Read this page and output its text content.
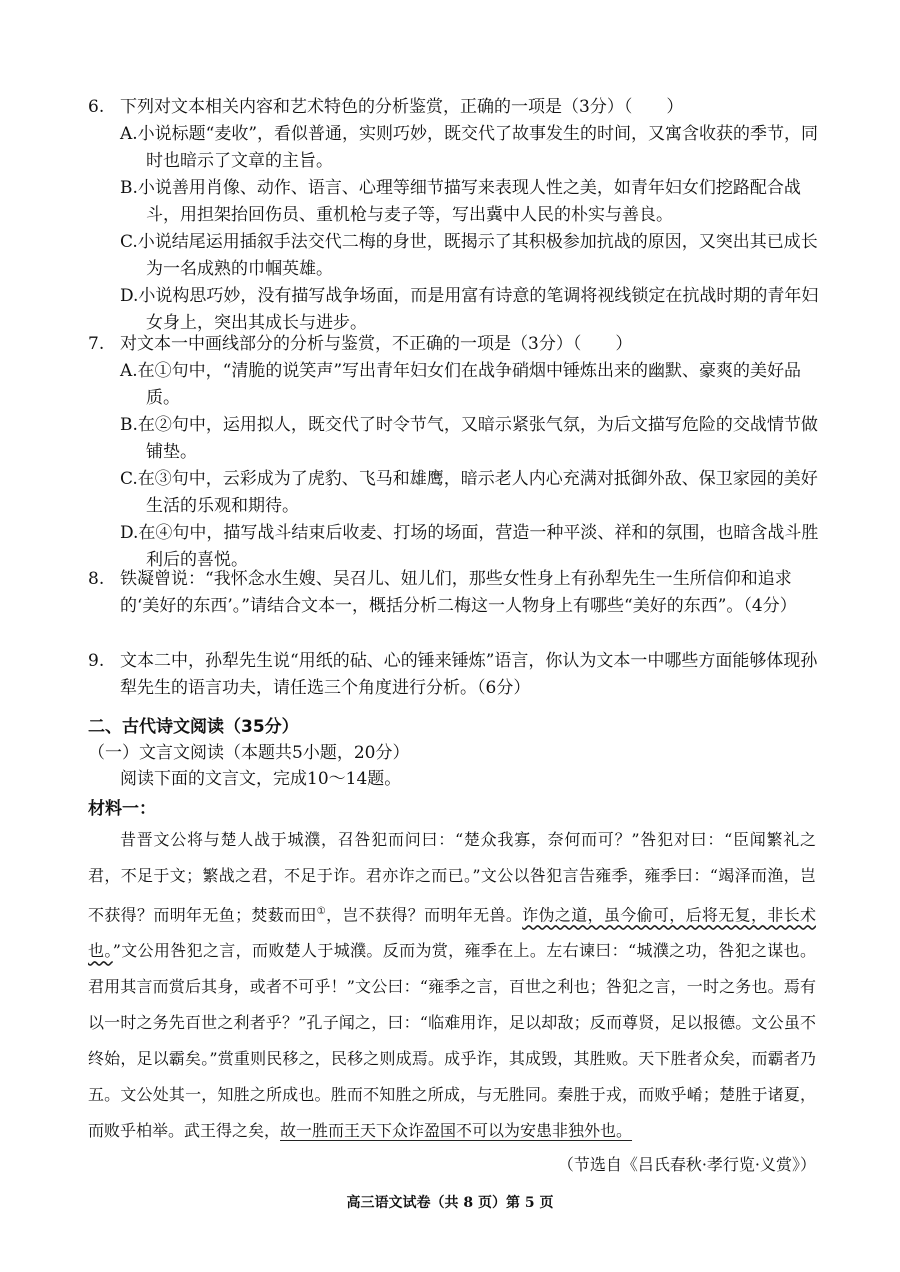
6. 下列对文本相关内容和艺术特色的分析鉴赏，正确的一项是（3分）（　　）
A.小说标题“麦收”，看似普通，实则巧妙，既交代了故事发生的时间，又寓含收获的季节，同时也暗示了文章的主旨。
B.小说善用肖像、动作、语言、心理等细节描写来表现人性之美，如青年妇女们挖路配合战斗，用担架抬回伤员、重机枪与麦子等，写出冀中人民的朴实与善良。
C.小说结尾运用插叙手法交代二梅的身世，既揭示了其积极参加抗战的原因，又突出其已成长为一名成熟的巾帼英雄。
D.小说构思巧妙，没有描写战争场面，而是用富有诗意的笔调将视线锁定在抗战时期的青年妇女身上，突出其成长与进步。
7. 对文本一中画线部分的分析与鉴赏，不正确的一项是（3分）（　　）
A.在①句中，“清脆的说笑声”写出青年妇女们在战争硝烟中锤炼出来的幽默、豪爽的美好品质。
B.在②句中，运用拟人，既交代了时令节气，又暗示紧张气氛，为后文描写危险的交战情节做铺垫。
C.在③句中，云彩成为了虎豹、飞马和雄鹰，暗示老人内心充满对抵御外敌、保卫家园的美好生活的乐观和期待。
D.在④句中，描写战斗结束后收麦、打场的场面，营造一种平淡、祥和的氛围，也暗含战斗胜利后的喜悦。
8. 铁凝曾说：“我怀念水生嫂、吴召儿、妞儿们，那些女性身上有孙犁先生一生所信仰和追求的‘美好的东西’。”请结合文本一，概括分析二梅这一人物身上有哪些“美好的东西”。（4分）
9. 文本二中，孙犁先生说“用纸的砧、心的锤来锤炼”语言，你认为文本一中哪些方面能够体现孙犁先生的语言功夫，请任选三个角度进行分析。（6分）
二、古代诗文阅读（35分）
（一）文言文阅读（本题共5小题，20分）
阅读下面的文言文，完成10～14题。
材料一：

昔晋文公将与楚人战于城濮，召咎犯而问曰：“楚众我寡，奈何而可？”咎犯对曰：“臣闻繁礼之君，不足于文；繁战之君，不足于诈。君亦诈之而已。”文公以咎犯言告雍季，雍季曰：“竭泽而渔，岂不获得？而明年无鱼；焚薮而田①，岂不获得？而明年无兽。诈伪之道，虽今偷可，后将无复，非长术也。”文公用咎犯之言，而败楚人于城濮。反而为赏，雍季在上。左右谏曰：“城濮之功，咎犯之谋也。君用其言而赏后其身，或者不可乎！”文公曰：“雍季之言，百世之利也；咎犯之言，一时之务也。焉有以一时之务先百世之利者乎？”孔子闻之，曰：“临难用诈，足以却敌；反而尊贤，足以报德。文公虽不终始，足以霸矣。”赏重则民移之，民移之则成焉。成乎诈，其成毁，其胜败。天下胜者众矣，而霸者乃五。文公处其一，知胜之所成也。胜而不知胜之所成，与无胜同。秦胜于戎，而败乎崤；楚胜于诸夏，而败乎柏举。武王得之矣，故一胜而王天下众诈盈国不可以为安患非独外也。

（节选自《吕氏春秋·孝行览·义赏》）
高三语文试卷（共 8 页）第 5 页
